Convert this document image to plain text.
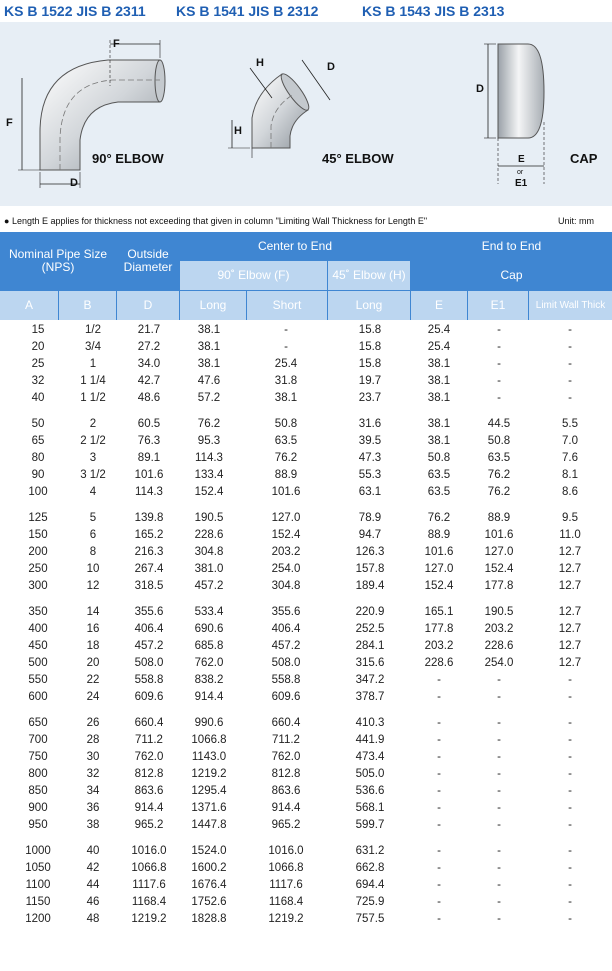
KS B 1522 JIS B 2311 KS B 1541 JIS B 2312	KS B 1543 JIS B 2313
F
F
D
90° ELBOW
H
H
D
45° ELBOW
D
E
or
E1
CAP
● Length E applies for thickness not exceeding that given in column "Limiting Wall Thickness for Length E"	Unit: mm
Nominal Pipe Size (NPS)
Outside Diameter
Center to End	End to End
90˚ Elbow (F)	45˚ Elbow (H)	Cap
A	B	D	Long	Short	Long	E	E1	Limit Wall Thick
15	1/2	21.7	38.1	-	15.8	25.4	-	-
20	3/4	27.2	38.1	-	15.8	25.4	-	-
25	1	34.0	38.1	25.4	15.8	38.1	-	-
32	1 1/4	42.7	47.6	31.8	19.7	38.1	-	-
40	1 1/2	48.6	57.2	38.1	23.7	38.1	-	-
50	2	60.5	76.2	50.8	31.6	38.1	44.5	5.5
65	2 1/2	76.3	95.3	63.5	39.5	38.1	50.8	7.0
80	3	89.1	114.3	76.2	47.3	50.8	63.5	7.6
90	3 1/2	101.6	133.4	88.9	55.3	63.5	76.2	8.1
100	4	114.3	152.4	101.6	63.1	63.5	76.2	8.6
125	5	139.8	190.5	127.0	78.9	76.2	88.9	9.5
150	6	165.2	228.6	152.4	94.7	88.9	101.6	11.0
200	8	216.3	304.8	203.2	126.3	101.6	127.0	12.7
250	10	267.4	381.0	254.0	157.8	127.0	152.4	12.7
300	12	318.5	457.2	304.8	189.4	152.4	177.8	12.7
350	14	355.6	533.4	355.6	220.9	165.1	190.5	12.7
400	16	406.4	690.6	406.4	252.5	177.8	203.2	12.7
450	18	457.2	685.8	457.2	284.1	203.2	228.6	12.7
500	20	508.0	762.0	508.0	315.6	228.6	254.0	12.7
550	22	558.8	838.2	558.8	347.2	-	-	-
600	24	609.6	914.4	609.6	378.7	-	-	-
650	26	660.4	990.6	660.4	410.3	-	-	-
700	28	711.2	1066.8	711.2	441.9	-	-	-
750	30	762.0	1143.0	762.0	473.4	-	-	-
800	32	812.8	1219.2	812.8	505.0	-	-	-
850	34	863.6	1295.4	863.6	536.6	-	-	-
900	36	914.4	1371.6	914.4	568.1	-	-	-
950	38	965.2	1447.8	965.2	599.7	-	-	-
1000	40	1016.0	1524.0	1016.0	631.2	-	-	-
1050	42	1066.8	1600.2	1066.8	662.8	-	-	-
1100	44	1117.6	1676.4	1117.6	694.4	-	-	-
1150	46	1168.4	1752.6	1168.4	725.9	-	-	-
1200	48	1219.2	1828.8	1219.2	757.5	-	-	-
